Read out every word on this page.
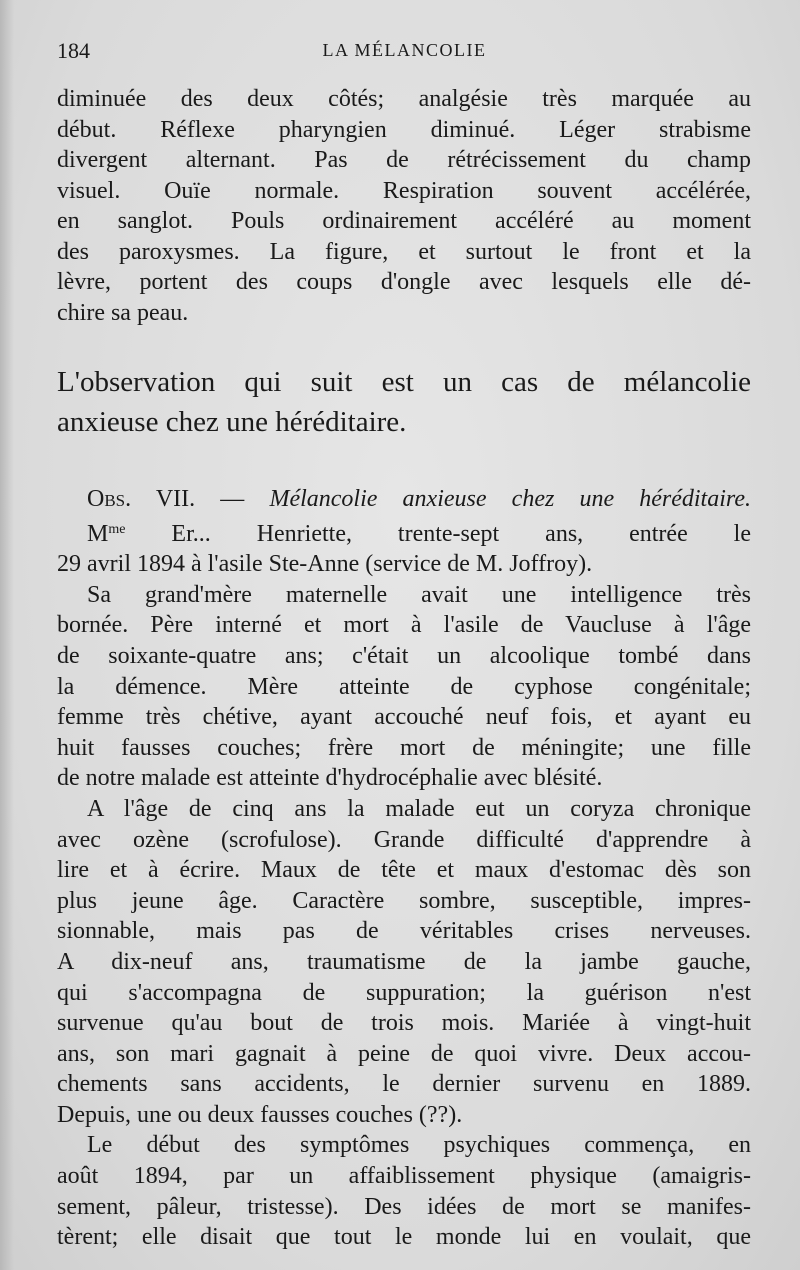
184	LA MÉLANCOLIE
diminuée des deux côtés; analgésie très marquée au
début. Réflexe pharyngien diminué. Léger strabisme
divergent alternant. Pas de rétrécissement du champ
visuel. Ouïe normale. Respiration souvent accélérée,
en sanglot. Pouls ordinairement accéléré au moment
des paroxysmes. La figure, et surtout le front et la
lèvre, portent des coups d'ongle avec lesquels elle dé-
chire sa peau.
L'observation qui suit est un cas de mélancolie
anxieuse chez une héréditaire.
Obs. VII. — Mélancolie anxieuse chez une héréditaire.
$M^{me}$ Er... Henriette, trente-sept ans, entrée le
29 avril 1894 à l'asile Ste-Anne (service de M. Joffroy).
Sa grand'mère maternelle avait une intelligence très
bornée. Père interné et mort à l'asile de Vaucluse à l'âge
de soixante-quatre ans; c'était un alcoolique tombé dans
la démence. Mère atteinte de cyphose congénitale;
femme très chétive, ayant accouché neuf fois, et ayant eu
huit fausses couches; frère mort de méningite; une fille
de notre malade est atteinte d'hydrocéphalie avec blésité.
A l'âge de cinq ans la malade eut un coryza chronique
avec ozène (scrofulose). Grande difficulté d'apprendre à
lire et à écrire. Maux de tête et maux d'estomac dès son
plus jeune âge. Caractère sombre, susceptible, impres-
sionnable, mais pas de véritables crises nerveuses.
A dix-neuf ans, traumatisme de la jambe gauche,
qui s'accompagna de suppuration; la guérison n'est
survenue qu'au bout de trois mois. Mariée à vingt-huit
ans, son mari gagnait à peine de quoi vivre. Deux accou-
chements sans accidents, le dernier survenu en 1889.
Depuis, une ou deux fausses couches (??).
Le début des symptômes psychiques commença, en
août 1894, par un affaiblissement physique (amaigris-
sement, pâleur, tristesse). Des idées de mort se manifes-
tèrent; elle disait que tout le monde lui en voulait, que
